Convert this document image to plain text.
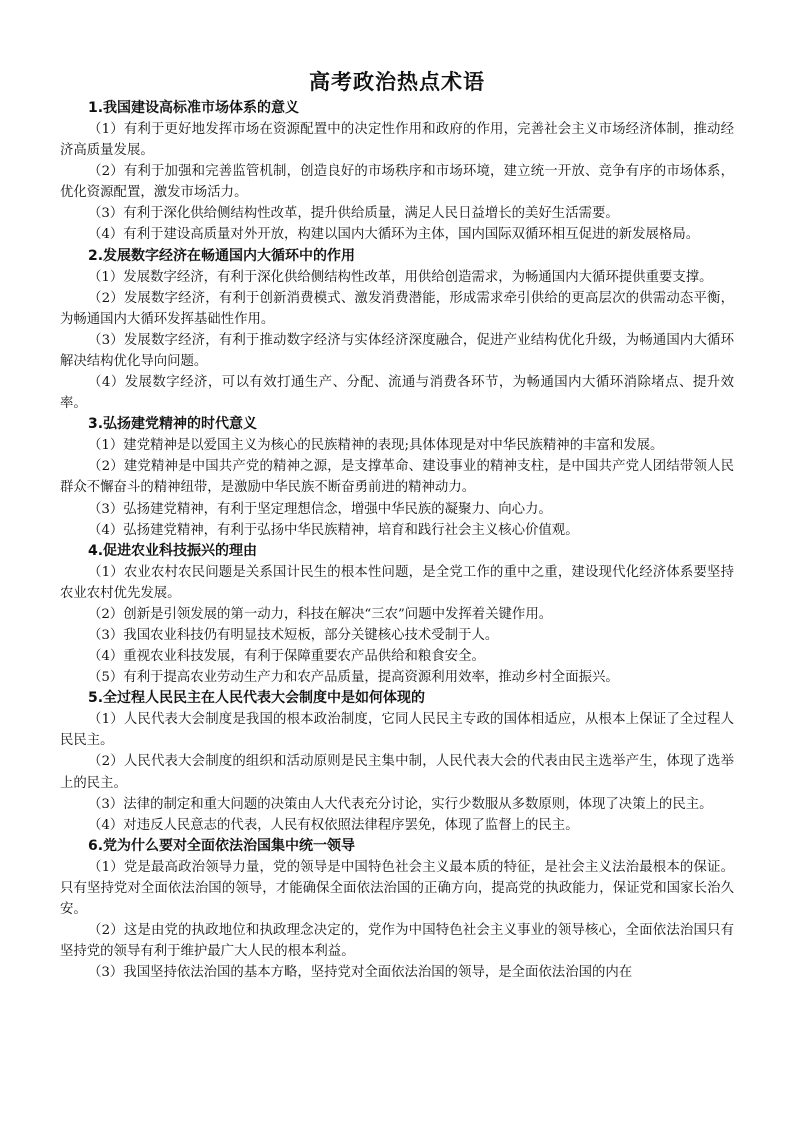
高考政治热点术语

1.我国建设高标准市场体系的意义

（1）有利于更好地发挥市场在资源配置中的决定性作用和政府的作用，完善社会主义市场经济体制，推动经济高质量发展。

（2）有利于加强和完善监管机制，创造良好的市场秩序和市场环境，建立统一开放、竞争有序的市场体系，优化资源配置，激发市场活力。

（3）有利于深化供给侧结构性改革，提升供给质量，满足人民日益增长的美好生活需要。

（4）有利于建设高质量对外开放，构建以国内大循环为主体，国内国际双循环相互促进的新发展格局。

2.发展数字经济在畅通国内大循环中的作用

（1）发展数字经济，有利于深化供给侧结构性改革，用供给创造需求，为畅通国内大循环提供重要支撑。

（2）发展数字经济，有利于创新消费模式、激发消费潜能，形成需求牵引供给的更高层次的供需动态平衡，为畅通国内大循环发挥基础性作用。

（3）发展数字经济，有利于推动数字经济与实体经济深度融合，促进产业结构优化升级，为畅通国内大循环解决结构优化导向问题。

（4）发展数字经济，可以有效打通生产、分配、流通与消费各环节，为畅通国内大循环消除堵点、提升效率。

3.弘扬建党精神的时代意义

（1）建党精神是以爱国主义为核心的民族精神的表现;具体体现是对中华民族精神的丰富和发展。

（2）建党精神是中国共产党的精神之源，是支撑革命、建设事业的精神支柱，是中国共产党人团结带领人民群众不懈奋斗的精神纽带，是激励中华民族不断奋勇前进的精神动力。

（3）弘扬建党精神，有利于坚定理想信念，增强中华民族的凝聚力、向心力。

（4）弘扬建党精神，有利于弘扬中华民族精神，培育和践行社会主义核心价值观。

4.促进农业科技振兴的理由

（1）农业农村农民问题是关系国计民生的根本性问题，是全党工作的重中之重，建设现代化经济体系要坚持农业农村优先发展。

（2）创新是引领发展的第一动力，科技在解决“三农”问题中发挥着关键作用。

（3）我国农业科技仍有明显技术短板，部分关键核心技术受制于人。

（4）重视农业科技发展，有利于保障重要农产品供给和粮食安全。

（5）有利于提高农业劳动生产力和农产品质量，提高资源利用效率，推动乡村全面振兴。

5.全过程人民民主在人民代表大会制度中是如何体现的

（1）人民代表大会制度是我国的根本政治制度，它同人民民主专政的国体相适应，从根本上保证了全过程人民民主。

（2）人民代表大会制度的组织和活动原则是民主集中制，人民代表大会的代表由民主选举产生，体现了选举上的民主。

（3）法律的制定和重大问题的决策由人大代表充分讨论，实行少数服从多数原则，体现了决策上的民主。

（4）对违反人民意志的代表，人民有权依照法律程序罢免，体现了监督上的民主。

6.党为什么要对全面依法治国集中统一领导

（1）党是最高政治领导力量，党的领导是中国特色社会主义最本质的特征，是社会主义法治最根本的保证。只有坚持党对全面依法治国的领导，才能确保全面依法治国的正确方向，提高党的执政能力，保证党和国家长治久安。

（2）这是由党的执政地位和执政理念决定的，党作为中国特色社会主义事业的领导核心，全面依法治国只有坚持党的领导有利于维护最广大人民的根本利益。

（3）我国坚持依法治国的基本方略，坚持党对全面依法治国的领导，是全面依法治国的内在
